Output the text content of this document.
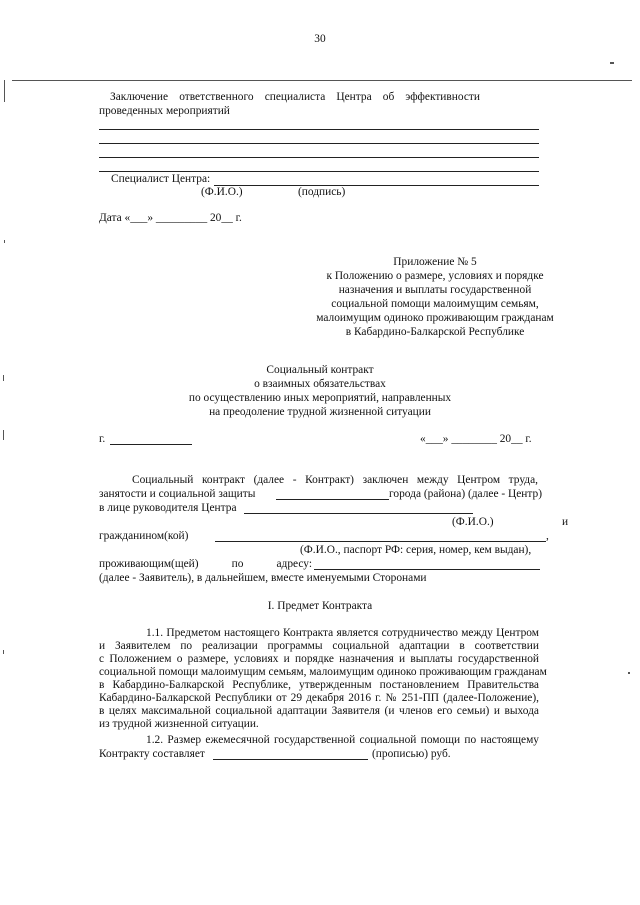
30
Заключение ответственного специалиста Центра об эффективности
проведенных мероприятий
Специалист Центра:
(Ф.И.О.)	(подпись)
Дата «___» _________ 20__ г.
Приложение № 5
к Положению о размере, условиях и порядке
назначения и выплаты государственной
социальной помощи малоимущим семьям,
малоимущим одиноко проживающим гражданам
в Кабардино-Балкарской Республике
Социальный контракт
о взаимных обязательствах
по осуществлению иных мероприятий, направленных
на преодоление трудной жизненной ситуации
г.	«___» ________ 20__ г.
Социальный контракт (далее - Контракт) заключен между Центром труда,
занятости и социальной защиты	города (района) (далее - Центр)
в лице руководителя Центра
(Ф.И.О.)	и
гражданином(кой)	,
(Ф.И.О., паспорт РФ: серия, номер, кем выдан),
проживающим(щей) по адресу:
(далее - Заявитель), в дальнейшем, вместе именуемыми Сторонами
I. Предмет Контракта
1.1. Предметом настоящего Контракта является сотрудничество между Центром
и Заявителем по реализации программы социальной адаптации в соответствии
с Положением о размере, условиях и порядке назначения и выплаты государственной
социальной помощи малоимущим семьям, малоимущим одиноко проживающим гражданам
в Кабардино-Балкарской Республике, утвержденным постановлением Правительства
Кабардино-Балкарской Республики от 29 декабря 2016 г. № 251-ПП (далее-Положение),
в целях максимальной социальной адаптации Заявителя (и членов его семьи) и выхода
из трудной жизненной ситуации.
1.2. Размер ежемесячной государственной социальной помощи по настоящему
Контракту составляет	(прописью) руб.
